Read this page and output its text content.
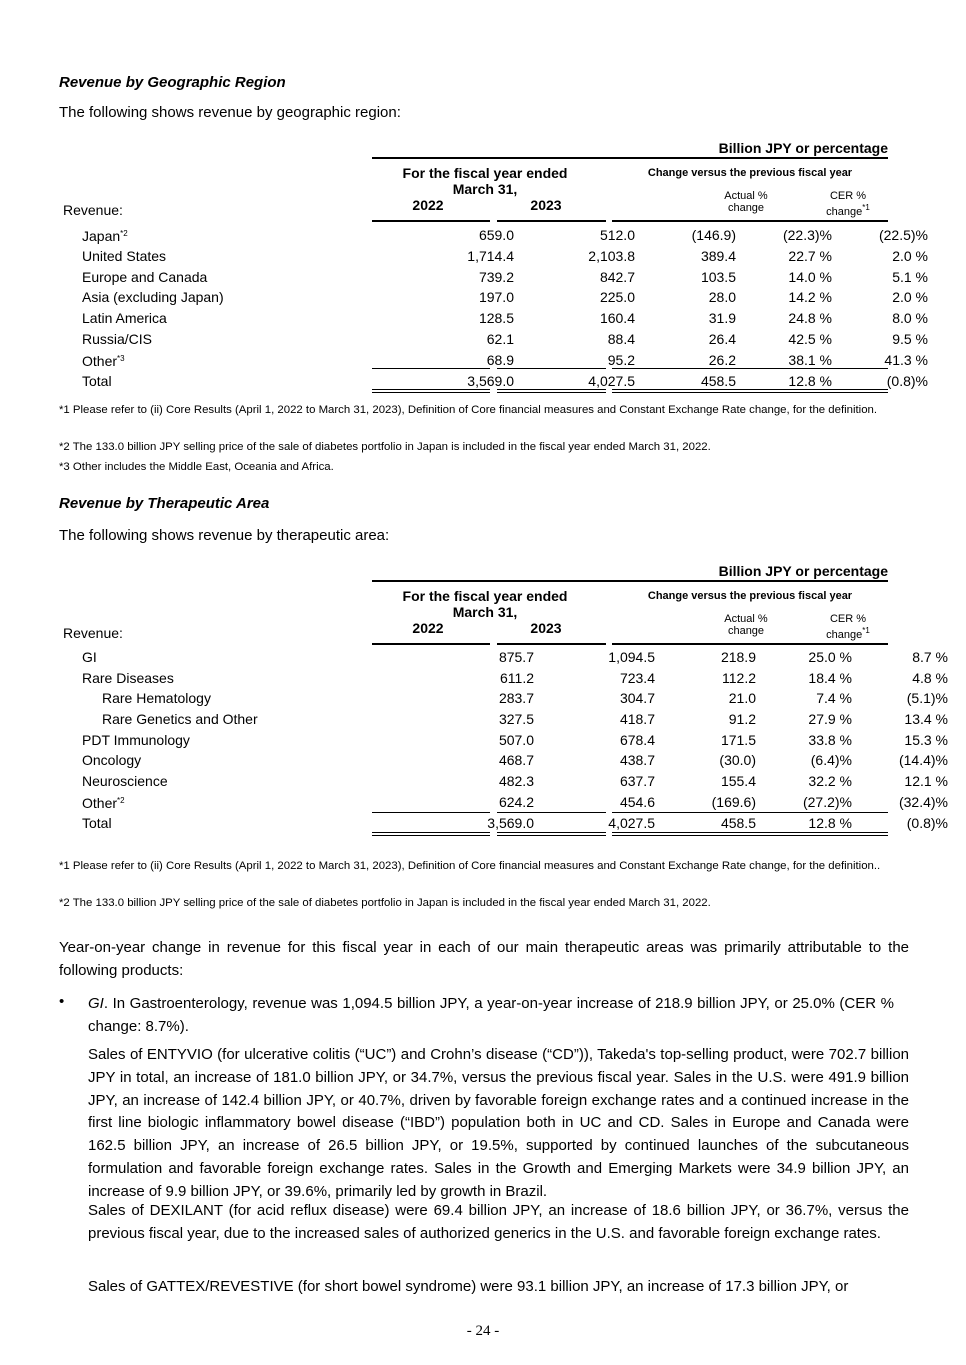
Revenue by Geographic Region
The following shows revenue by geographic region:
Billion JPY or percentage
For the fiscal year ended March 31,
Change versus the previous fiscal year
Revenue:	2022	2023
Actual % change
CER % change$^{*1}$
Japan$^{*2}$	659.0	512.0	(146.9)	(22.3)%	(22.5)%
United States	1,714.4	2,103.8	389.4	22.7 %	2.0 %
Europe and Canada	739.2	842.7	103.5	14.0 %	5.1 %
Asia (excluding Japan)	197.0	225.0	28.0	14.2 %	2.0 %
Latin America	128.5	160.4	31.9	24.8 %	8.0 %
Russia/CIS	62.1	88.4	26.4	42.5 %	9.5 %
Other$^{*3}$	68.9	95.2	26.2	38.1 %	41.3 %
Total	3,569.0	4,027.5	458.5	12.8 %	(0.8)%
*1 Please refer to (ii) Core Results (April 1, 2022 to March 31, 2023), Definition of Core financial measures and Constant Exchange Rate change, for the definition.
*2 The 133.0 billion JPY selling price of the sale of diabetes portfolio in Japan is included in the fiscal year ended March 31, 2022.
*3 Other includes the Middle East, Oceania and Africa.
Revenue by Therapeutic Area
The following shows revenue by therapeutic area:
Billion JPY or percentage
For the fiscal year ended March 31,
Change versus the previous fiscal year
Revenue:	2022	2023
Actual % change
CER % change$^{*1}$
GI	875.7	1,094.5	218.9	25.0 %	8.7 %
Rare Diseases	611.2	723.4	112.2	18.4 %	4.8 %
Rare Hematology	283.7	304.7	21.0	7.4 %	(5.1)%
Rare Genetics and Other	327.5	418.7	91.2	27.9 %	13.4 %
PDT Immunology	507.0	678.4	171.5	33.8 %	15.3 %
Oncology	468.7	438.7	(30.0)	(6.4)%	(14.4)%
Neuroscience	482.3	637.7	155.4	32.2 %	12.1 %
Other$^{*2}$	624.2	454.6	(169.6)	(27.2)%	(32.4)%
Total	3,569.0	4,027.5	458.5	12.8 %	(0.8)%
*1 Please refer to (ii) Core Results (April 1, 2022 to March 31, 2023), Definition of Core financial measures and Constant Exchange Rate change, for the definition..
*2 The 133.0 billion JPY selling price of the sale of diabetes portfolio in Japan is included in the fiscal year ended March 31, 2022.
Year-on-year change in revenue for this fiscal year in each of our main therapeutic areas was primarily attributable to the following products:
• GI. In Gastroenterology, revenue was 1,094.5 billion JPY, a year-on-year increase of 218.9 billion JPY, or 25.0% (CER % change: 8.7%).
Sales of ENTYVIO (for ulcerative colitis (“UC”) and Crohn’s disease (“CD”)), Takeda's top-selling product, were 702.7 billion JPY in total, an increase of 181.0 billion JPY, or 34.7%, versus the previous fiscal year. Sales in the U.S. were 491.9 billion JPY, an increase of 142.4 billion JPY, or 40.7%, driven by favorable foreign exchange rates and a continued increase in the first line biologic inflammatory bowel disease (“IBD”) population both in UC and CD. Sales in Europe and Canada were 162.5 billion JPY, an increase of 26.5 billion JPY, or 19.5%, supported by continued launches of the subcutaneous formulation and favorable foreign exchange rates. Sales in the Growth and Emerging Markets were 34.9 billion JPY, an increase of 9.9 billion JPY, or 39.6%, primarily led by growth in Brazil.
Sales of DEXILANT (for acid reflux disease) were 69.4 billion JPY, an increase of 18.6 billion JPY, or 36.7%, versus the previous fiscal year, due to the increased sales of authorized generics in the U.S. and favorable foreign exchange rates.
Sales of GATTEX/REVESTIVE (for short bowel syndrome) were 93.1 billion JPY, an increase of 17.3 billion JPY, or
- 24 -
